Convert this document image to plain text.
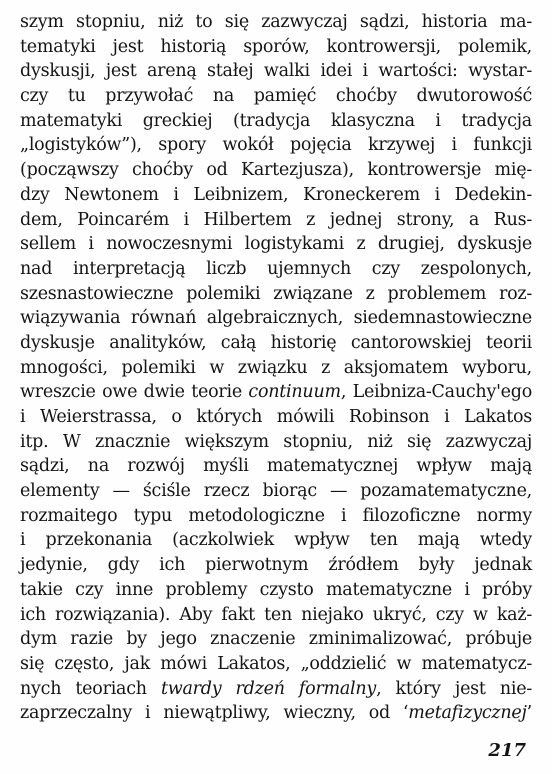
szym stopniu, niż to się zazwyczaj sądzi, historia ma-
tematyki jest historią sporów, kontrowersji, polemik,
dyskusji, jest areną stałej walki idei i wartości: wystar-
czy tu przywołać na pamięć choćby dwutorowość
matematyki greckiej (tradycja klasyczna i tradycja
„logistyków”), spory wokół pojęcia krzywej i funkcji
(począwszy choćby od Kartezjusza), kontrowersje mię-
dzy Newtonem i Leibnizem, Kroneckerem i Dedekin-
dem, Poincarém i Hilbertem z jednej strony, a Rus-
sellem i nowoczesnymi logistykami z drugiej, dyskusje
nad interpretacją liczb ujemnych czy zespolonych,
szesnastowieczne polemiki związane z problemem roz-
wiązywania równań algebraicznych, siedemnastowieczne
dyskusje analityków, całą historię cantorowskiej teorii
mnogości, polemiki w związku z aksjomatem wyboru,
wreszcie owe dwie teorie continuum, Leibniza-Cauchy'ego
i Weierstrassa, o których mówili Robinson i Lakatos
itp. W znacznie większym stopniu, niż się zazwyczaj
sądzi, na rozwój myśli matematycznej wpływ mają
elementy — ściśle rzecz biorąc — pozamatematyczne,
rozmaitego typu metodologiczne i filozoficzne normy
i przekonania (aczkolwiek wpływ ten mają wtedy
jedynie, gdy ich pierwotnym źródłem były jednak
takie czy inne problemy czysto matematyczne i próby
ich rozwiązania). Aby fakt ten niejako ukryć, czy w każ-
dym razie by jego znaczenie zminimalizować, próbuje
się często, jak mówi Lakatos, „oddzielić w matematycz-
nych teoriach twardy rdzeń formalny, który jest nie-
zaprzeczalny i niewątpliwy, wieczny, od ‘metafizycznej’
217
